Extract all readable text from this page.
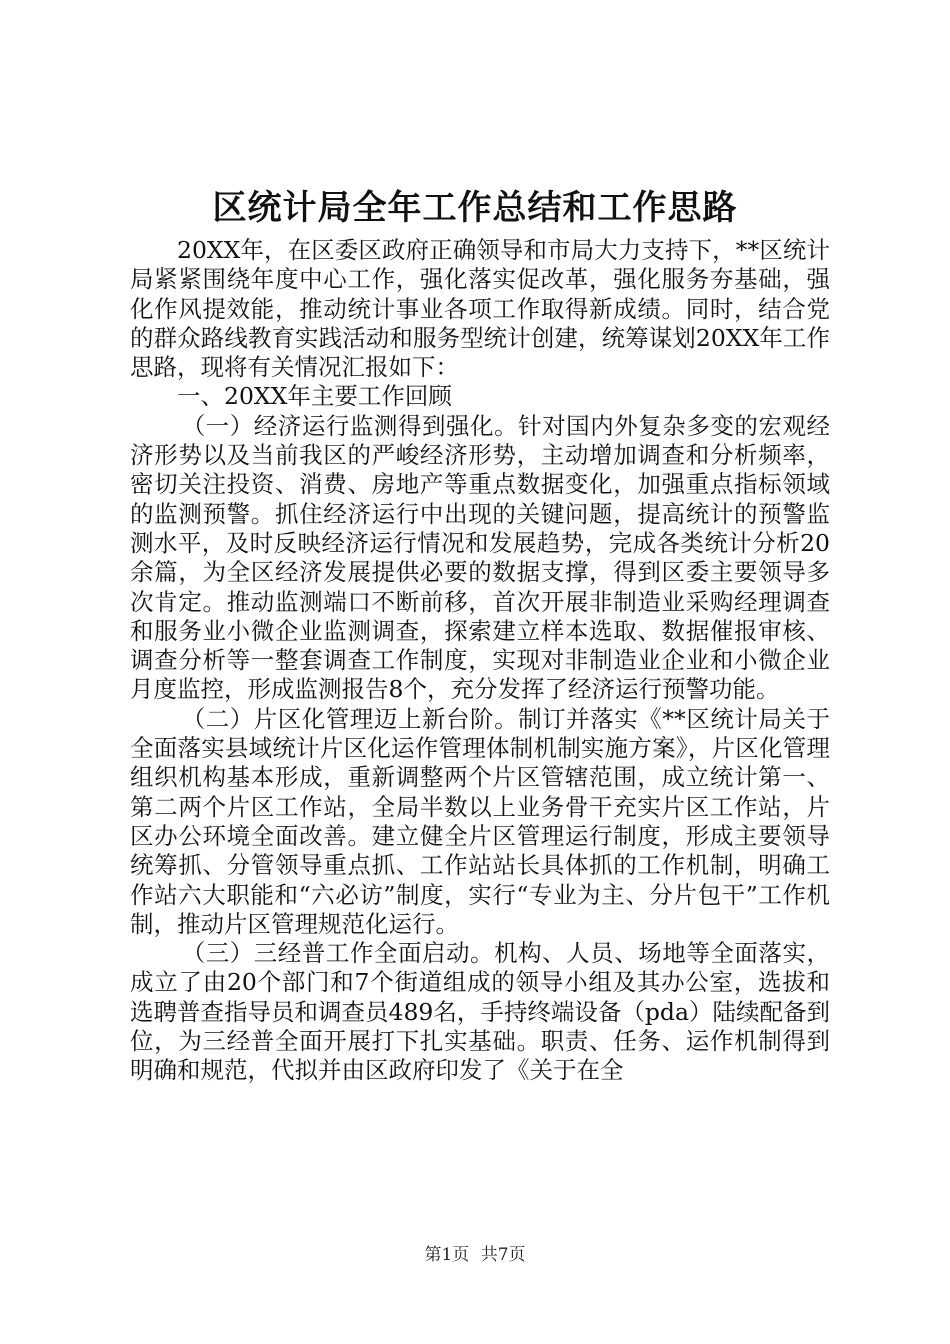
区统计局全年工作总结和工作思路

20XX年，在区委区政府正确领导和市局大力支持下，**区统计局紧紧围绕年度中心工作，强化落实促改革，强化服务夯基础，强化作风提效能，推动统计事业各项工作取得新成绩。同时，结合党的群众路线教育实践活动和服务型统计创建，统筹谋划20XX年工作思路，现将有关情况汇报如下：

一、20XX年主要工作回顾

（一）经济运行监测得到强化。针对国内外复杂多变的宏观经济形势以及当前我区的严峻经济形势，主动增加调查和分析频率，密切关注投资、消费、房地产等重点数据变化，加强重点指标领域的监测预警。抓住经济运行中出现的关键问题，提高统计的预警监测水平，及时反映经济运行情况和发展趋势，完成各类统计分析20余篇，为全区经济发展提供必要的数据支撑，得到区委主要领导多次肯定。推动监测端口不断前移，首次开展非制造业采购经理调查和服务业小微企业监测调查，探索建立样本选取、数据催报审核、调查分析等一整套调查工作制度，实现对非制造业企业和小微企业月度监控，形成监测报告8个，充分发挥了经济运行预警功能。

（二）片区化管理迈上新台阶。制订并落实《**区统计局关于全面落实县域统计片区化运作管理体制机制实施方案》，片区化管理组织机构基本形成，重新调整两个片区管辖范围，成立统计第一、第二两个片区工作站，全局半数以上业务骨干充实片区工作站，片区办公环境全面改善。建立健全片区管理运行制度，形成主要领导统筹抓、分管领导重点抓、工作站站长具体抓的工作机制，明确工作站六大职能和“六必访”制度，实行“专业为主、分片包干”工作机制，推动片区管理规范化运行。

（三）三经普工作全面启动。机构、人员、场地等全面落实，成立了由20个部门和7个街道组成的领导小组及其办公室，选拔和选聘普查指导员和调查员489名，手持终端设备（pda）陆续配备到位，为三经普全面开展打下扎实基础。职责、任务、运作机制得到明确和规范，代拟并由区政府印发了《关于在全

第1页 共7页
